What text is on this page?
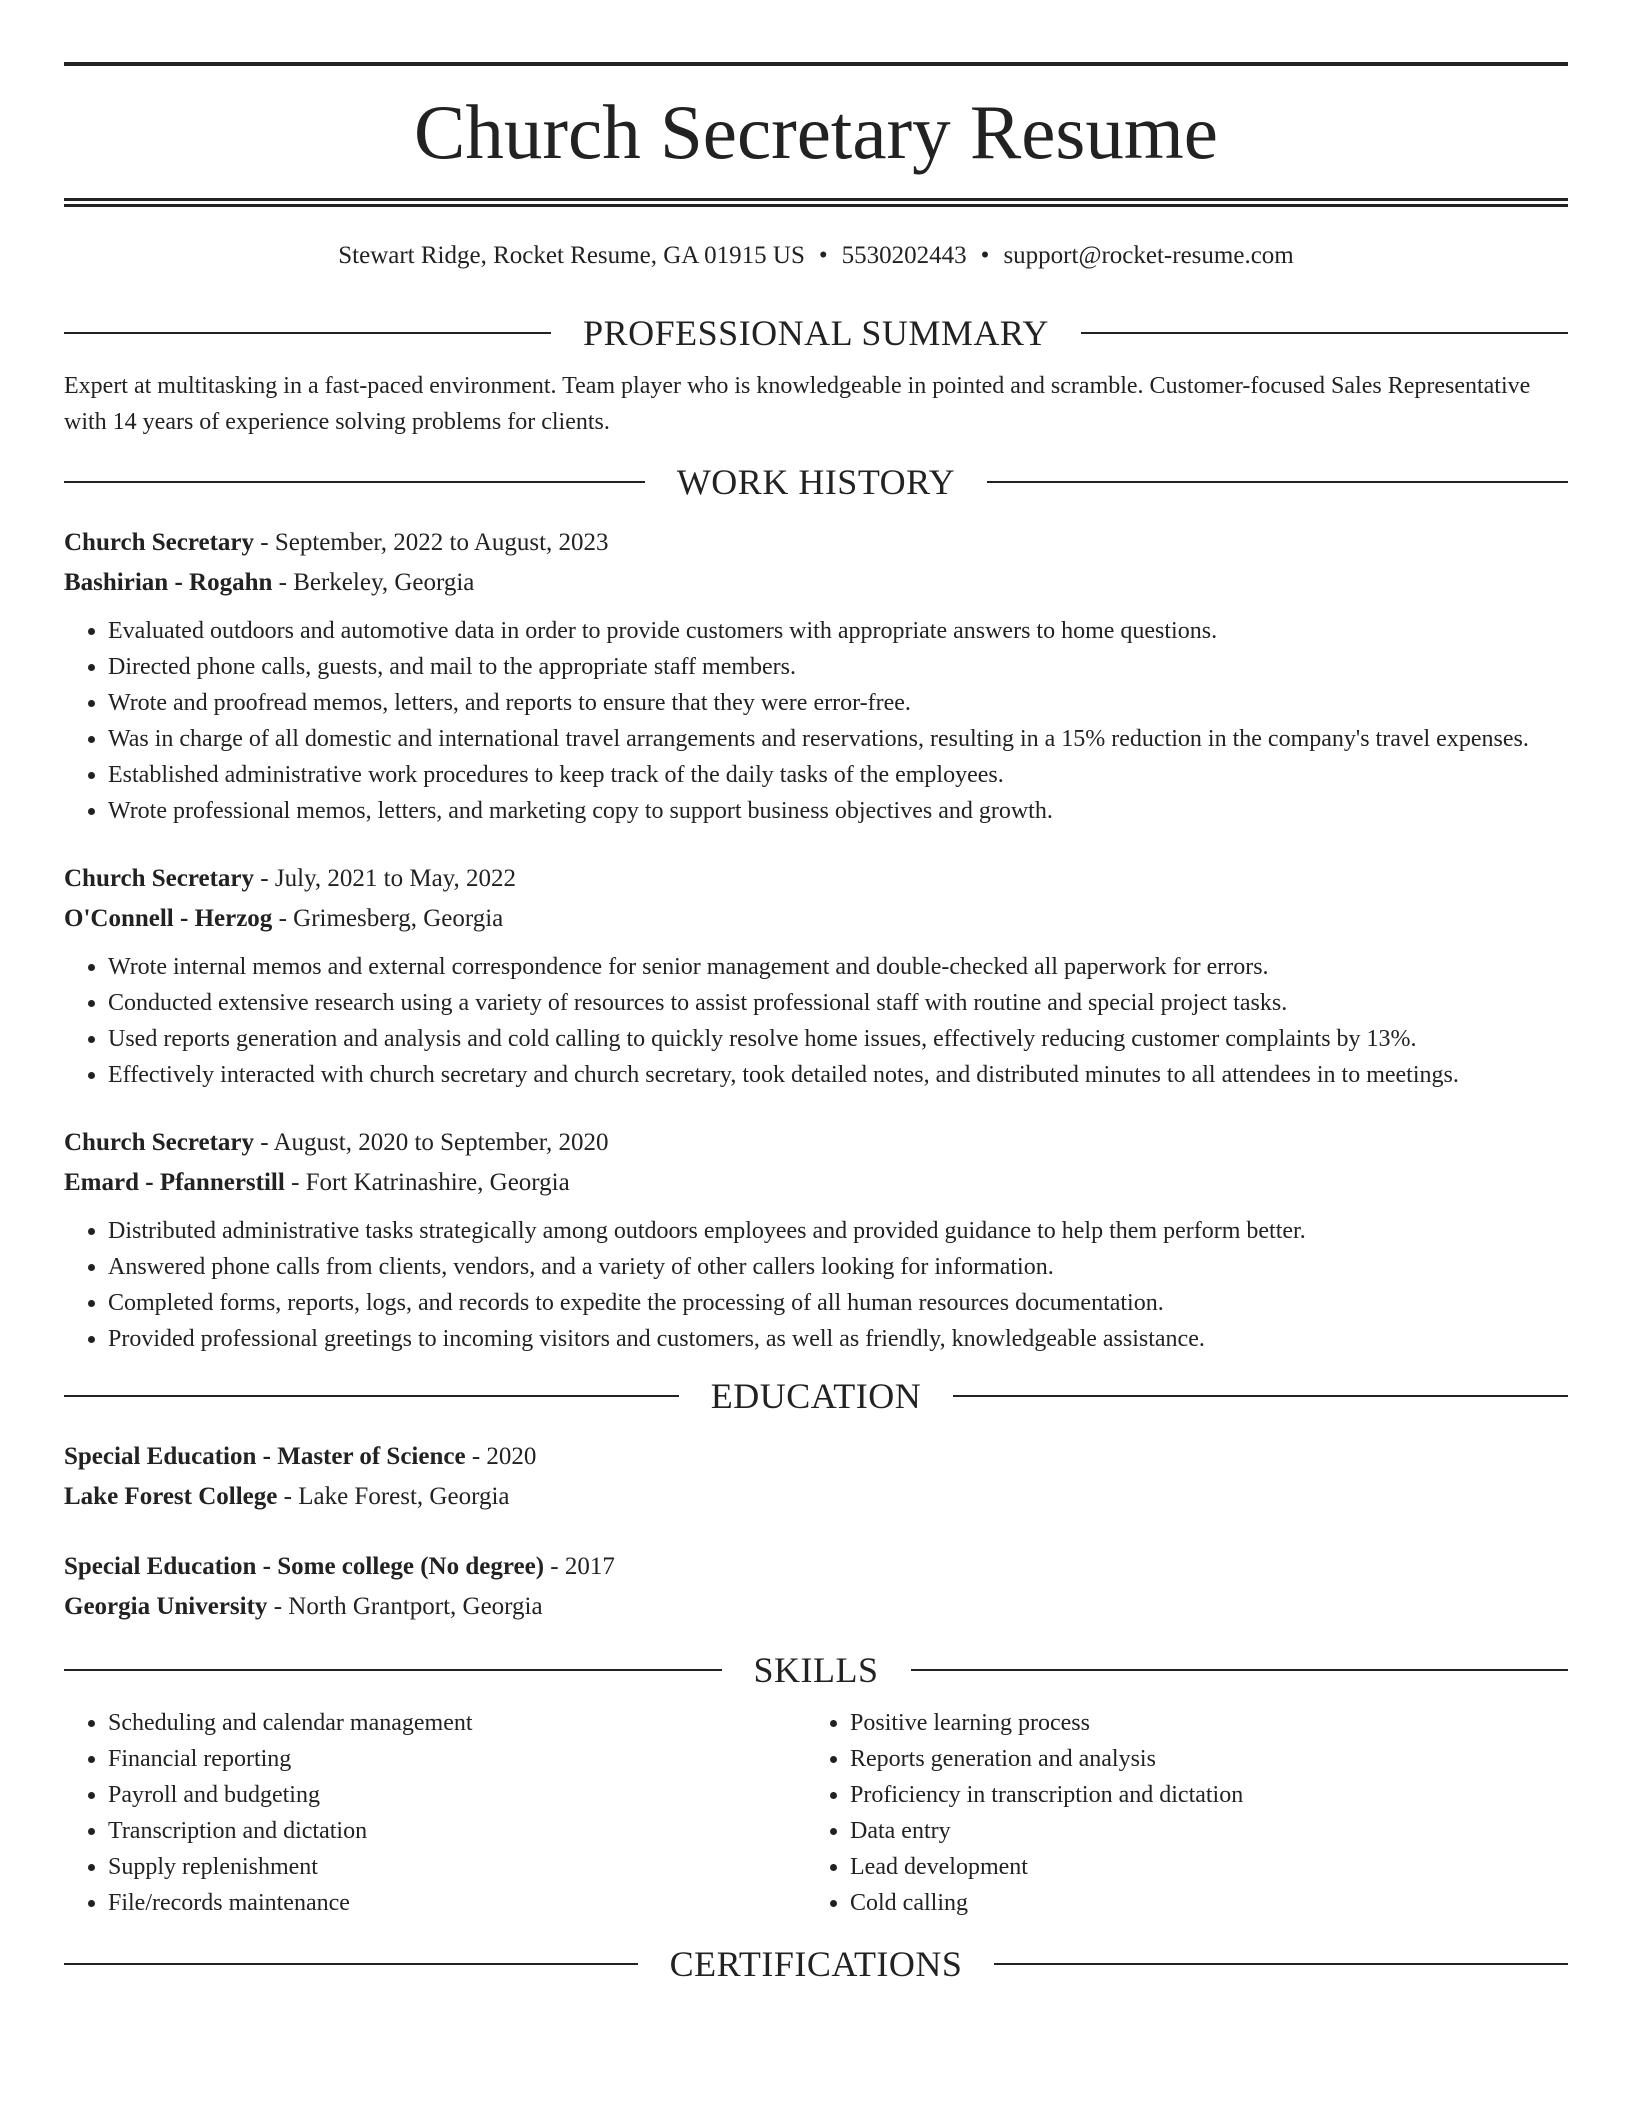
Church Secretary Resume
Stewart Ridge, Rocket Resume, GA 01915 US • 5530202443 • support@rocket-resume.com
PROFESSIONAL SUMMARY
Expert at multitasking in a fast-paced environment. Team player who is knowledgeable in pointed and scramble. Customer-focused Sales Representative with 14 years of experience solving problems for clients.
WORK HISTORY
Church Secretary - September, 2022 to August, 2023
Bashirian - Rogahn - Berkeley, Georgia
• Evaluated outdoors and automotive data in order to provide customers with appropriate answers to home questions.
• Directed phone calls, guests, and mail to the appropriate staff members.
• Wrote and proofread memos, letters, and reports to ensure that they were error-free.
• Was in charge of all domestic and international travel arrangements and reservations, resulting in a 15% reduction in the company's travel expenses.
• Established administrative work procedures to keep track of the daily tasks of the employees.
• Wrote professional memos, letters, and marketing copy to support business objectives and growth.
Church Secretary - July, 2021 to May, 2022
O'Connell - Herzog - Grimesberg, Georgia
• Wrote internal memos and external correspondence for senior management and double-checked all paperwork for errors.
• Conducted extensive research using a variety of resources to assist professional staff with routine and special project tasks.
• Used reports generation and analysis and cold calling to quickly resolve home issues, effectively reducing customer complaints by 13%.
• Effectively interacted with church secretary and church secretary, took detailed notes, and distributed minutes to all attendees in to meetings.
Church Secretary - August, 2020 to September, 2020
Emard - Pfannerstill - Fort Katrinashire, Georgia
• Distributed administrative tasks strategically among outdoors employees and provided guidance to help them perform better.
• Answered phone calls from clients, vendors, and a variety of other callers looking for information.
• Completed forms, reports, logs, and records to expedite the processing of all human resources documentation.
• Provided professional greetings to incoming visitors and customers, as well as friendly, knowledgeable assistance.
EDUCATION
Special Education - Master of Science - 2020
Lake Forest College - Lake Forest, Georgia
Special Education - Some college (No degree) - 2017
Georgia University - North Grantport, Georgia
SKILLS
• Scheduling and calendar management
• Financial reporting
• Payroll and budgeting
• Transcription and dictation
• Supply replenishment
• File/records maintenance
• Positive learning process
• Reports generation and analysis
• Proficiency in transcription and dictation
• Data entry
• Lead development
• Cold calling
CERTIFICATIONS
